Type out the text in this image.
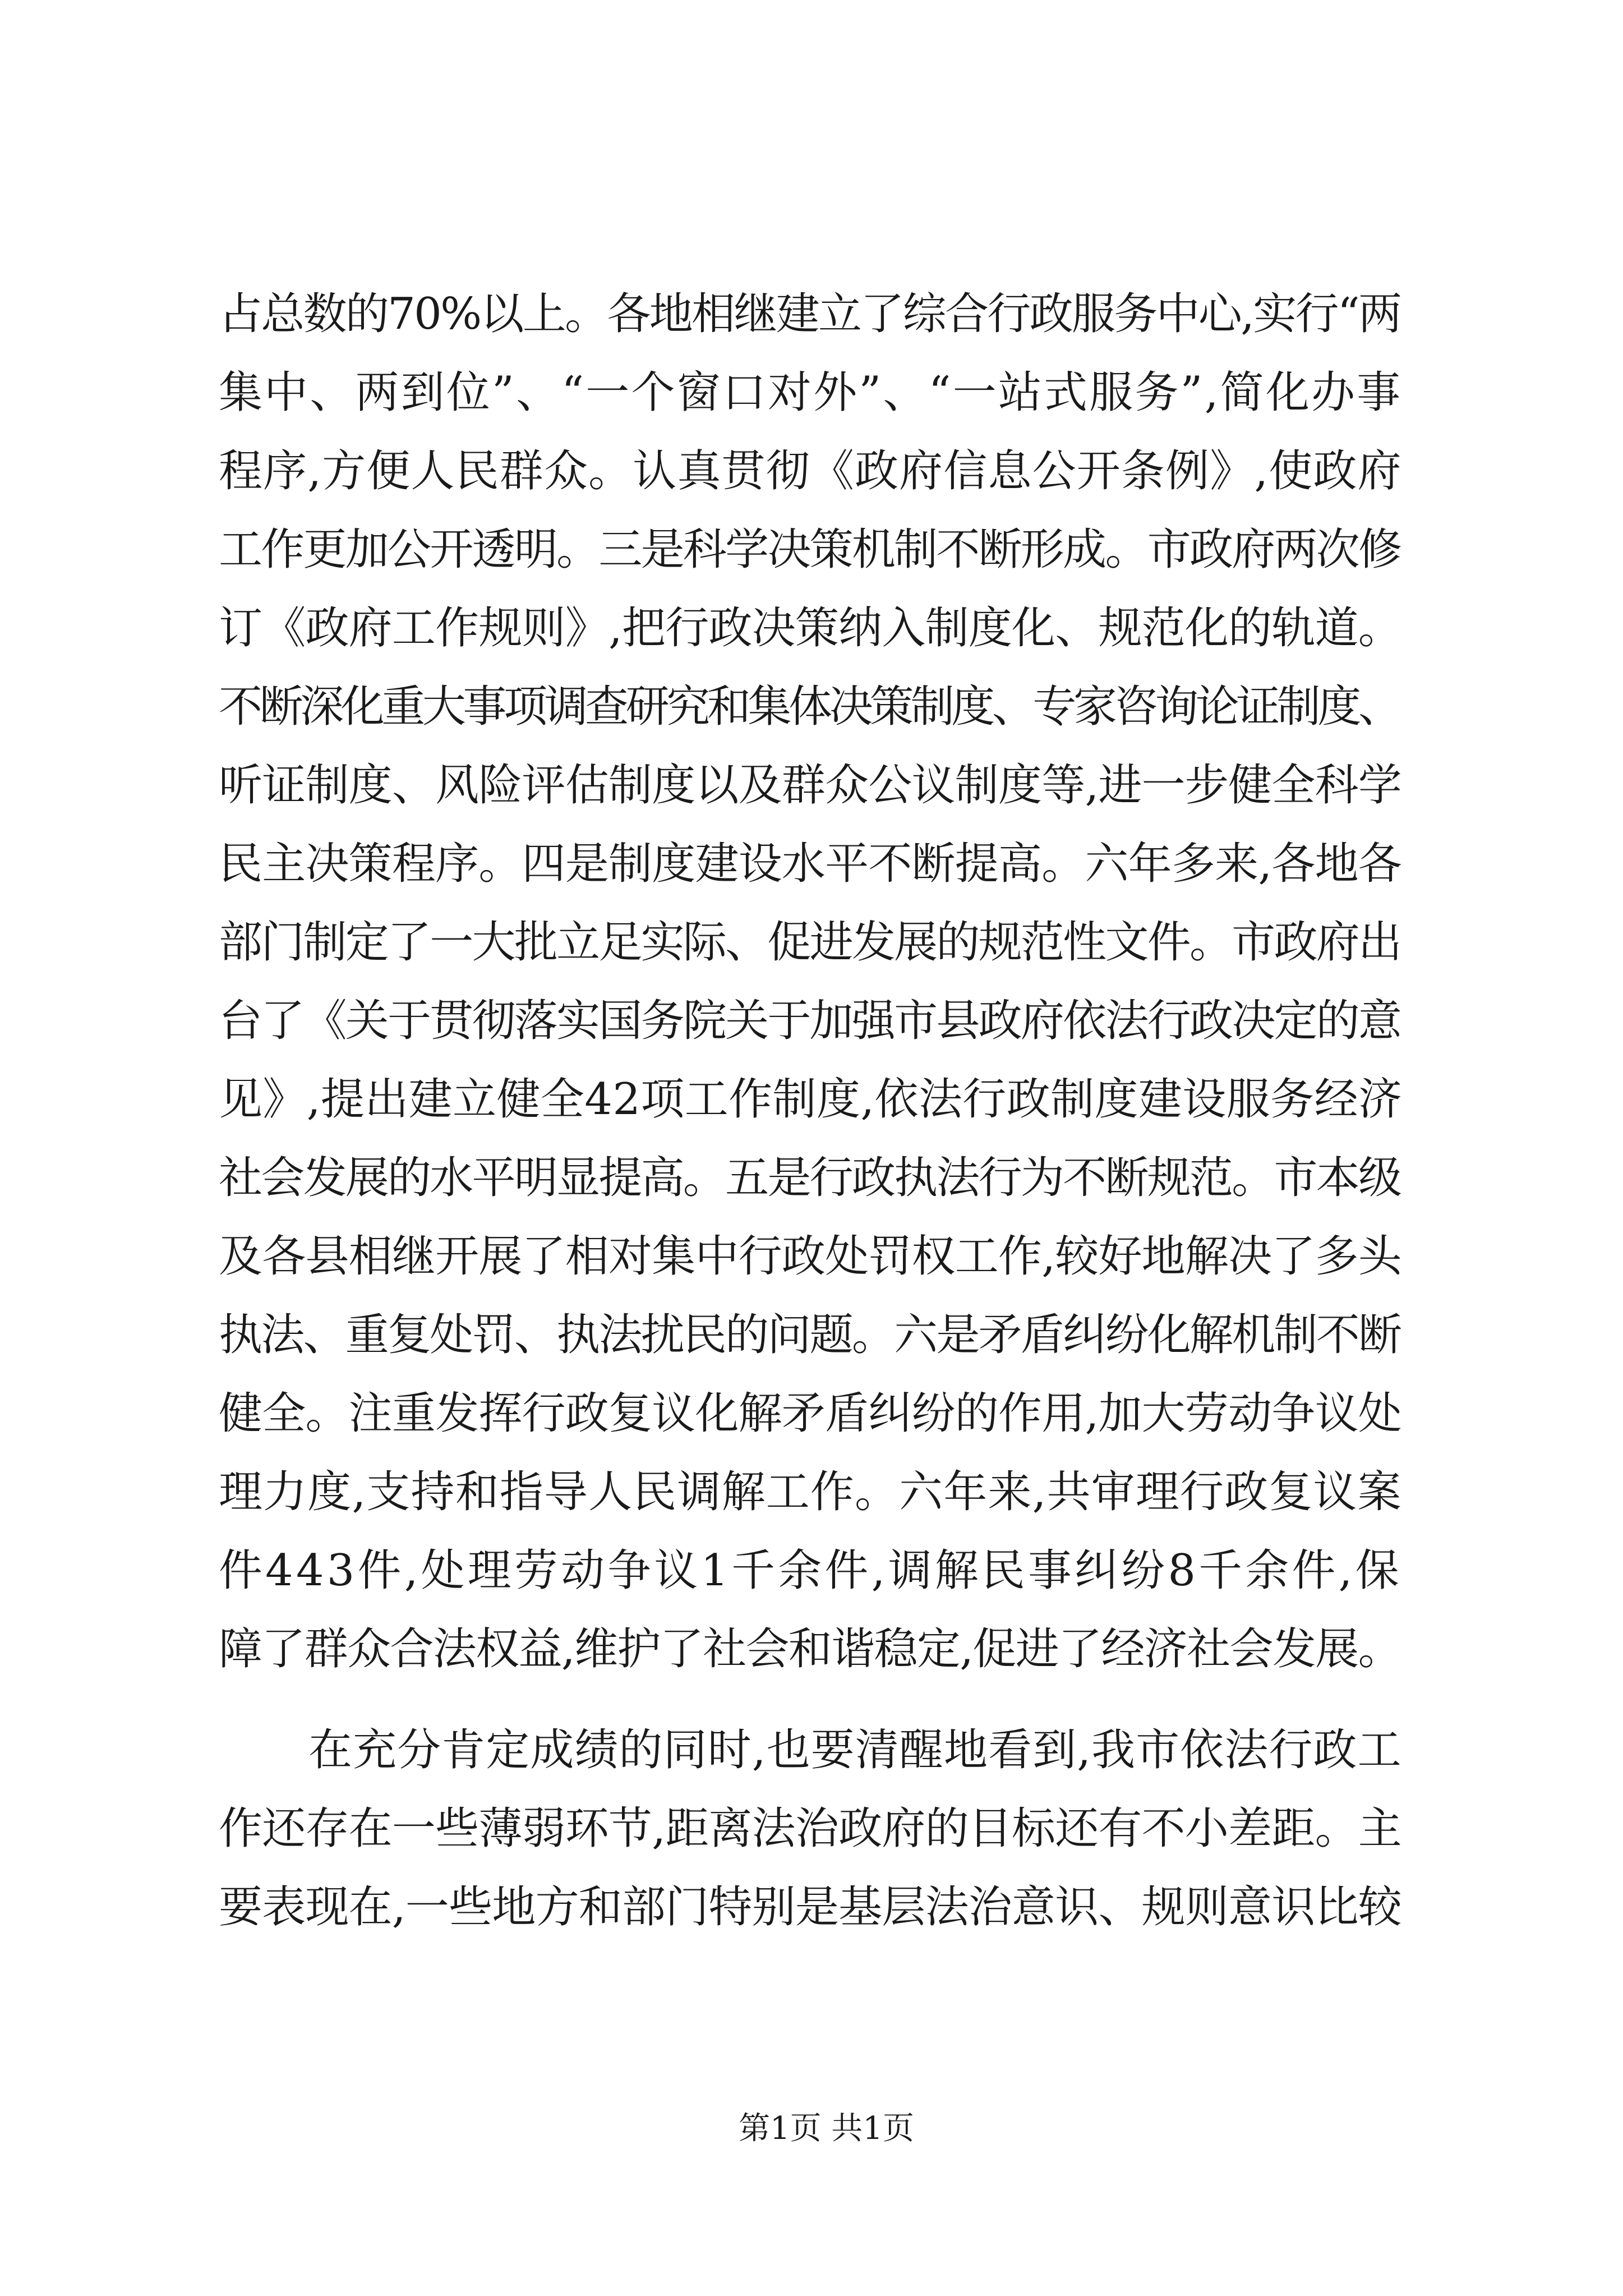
占总数的70%以上。各地相继建立了综合行政服务中心,实行“两
集中、两到位”、“一个窗口对外”、“一站式服务”,简化办事
程序,方便人民群众。认真贯彻《政府信息公开条例》,使政府
工作更加公开透明。三是科学决策机制不断形成。市政府两次修
订《政府工作规则》,把行政决策纳入制度化、规范化的轨道。
不断深化重大事项调查研究和集体决策制度、专家咨询论证制度、
听证制度、风险评估制度以及群众公议制度等,进一步健全科学
民主决策程序。四是制度建设水平不断提高。六年多来,各地各
部门制定了一大批立足实际、促进发展的规范性文件。市政府出
台了《关于贯彻落实国务院关于加强市县政府依法行政决定的意
见》,提出建立健全42项工作制度,依法行政制度建设服务经济
社会发展的水平明显提高。五是行政执法行为不断规范。市本级
及各县相继开展了相对集中行政处罚权工作,较好地解决了多头
执法、重复处罚、执法扰民的问题。六是矛盾纠纷化解机制不断
健全。注重发挥行政复议化解矛盾纠纷的作用,加大劳动争议处
理力度,支持和指导人民调解工作。六年来,共审理行政复议案
件443件,处理劳动争议1千余件,调解民事纠纷8千余件,保
障了群众合法权益,维护了社会和谐稳定,促进了经济社会发展。
在充分肯定成绩的同时,也要清醒地看到,我市依法行政工
作还存在一些薄弱环节,距离法治政府的目标还有不小差距。主
要表现在,一些地方和部门特别是基层法治意识、规则意识比较
第1页 共1页
